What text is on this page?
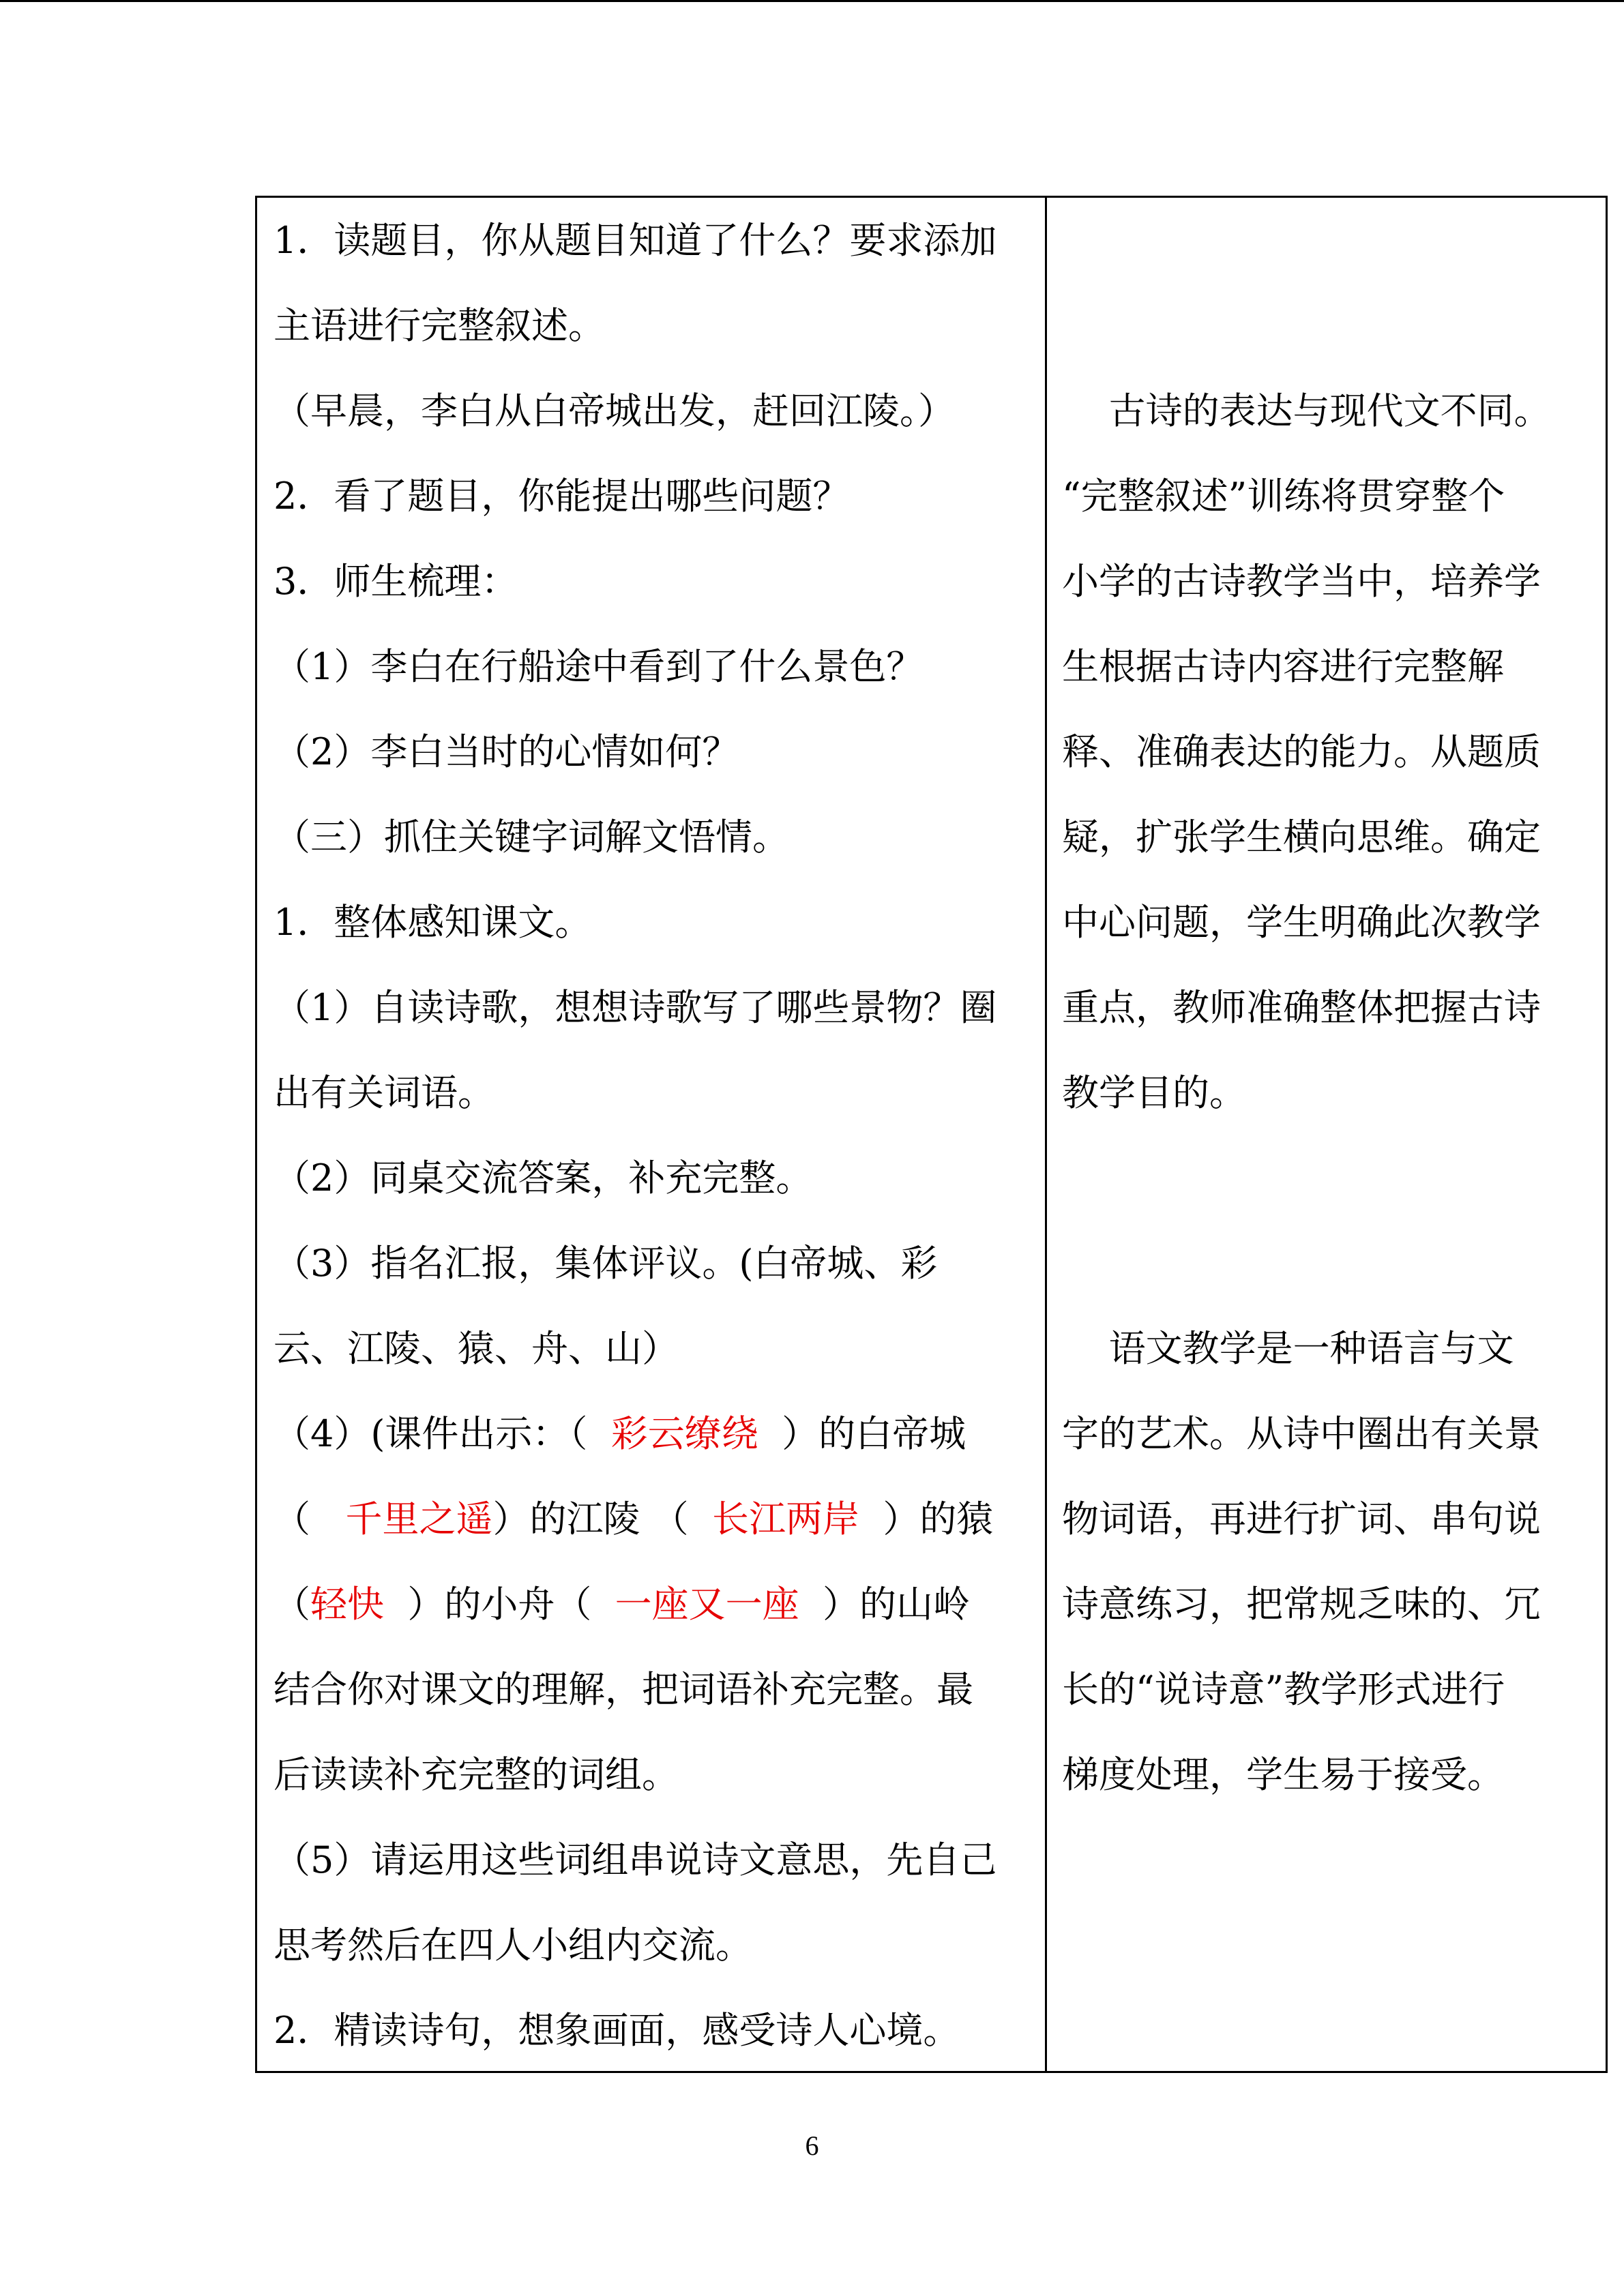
1．读题目，你从题目知道了什么？要求添加
主语进行完整叙述。
（早晨，李白从白帝城出发，赶回江陵。）
2．看了题目，你能提出哪些问题？
3．师生梳理：
（1）李白在行船途中看到了什么景色？
（2）李白当时的心情如何？
（三）抓住关键字词解文悟情。
1．整体感知课文。
（1）自读诗歌，想想诗歌写了哪些景物？圈
出有关词语。
（2）同桌交流答案，补充完整。
（3）指名汇报，集体评议。(白帝城、彩
云、江陵、猿、舟、山）
（4）(课件出示：（  彩云缭绕  ）的白帝城
（   千里之遥）的江陵 （  长江两岸  ）的猿
（轻快  ）的小舟（  一座又一座  ）的山岭
结合你对课文的理解，把词语补充完整。最
后读读补充完整的词组。
（5）请运用这些词组串说诗文意思，先自己
思考然后在四人小组内交流。
2．精读诗句，想象画面，感受诗人心境。
古诗的表达与现代文不同。
“完整叙述”训练将贯穿整个
小学的古诗教学当中，培养学
生根据古诗内容进行完整解
释、准确表达的能力。从题质
疑，扩张学生横向思维。确定
中心问题，学生明确此次教学
重点，教师准确整体把握古诗
教学目的。
语文教学是一种语言与文
字的艺术。从诗中圈出有关景
物词语，再进行扩词、串句说
诗意练习，把常规乏味的、冗
长的“说诗意”教学形式进行
梯度处理，学生易于接受。
6
